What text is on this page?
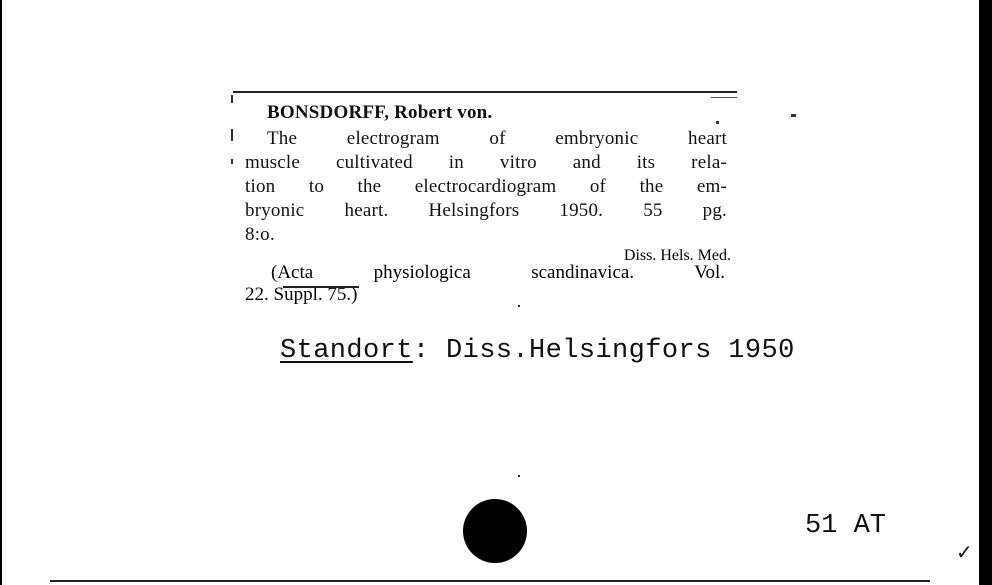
BONSDORFF, Robert von.
The electrogram of embryonic heart
muscle cultivated in vitro and its rela-
tion to the electrocardiogram of the em-
bryonic heart. Helsingfors 1950. 55 pg.
8:o.
Diss. Hels. Med.
(Acta physiologica scandinavica. Vol.
22. Suppl. 75.)
Standort: Diss.Helsingfors 1950
51 AT
✓
